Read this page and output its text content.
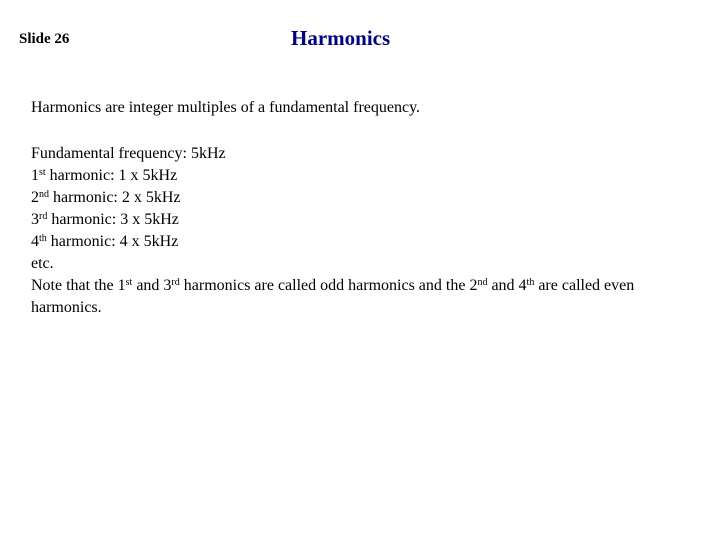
Slide 26	Harmonics
Harmonics are integer multiples of a fundamental frequency.
Fundamental frequency: 5kHz
1st harmonic: 1 x 5kHz
2nd harmonic: 2 x 5kHz
3rd harmonic: 3 x 5kHz
4th harmonic: 4 x 5kHz
etc.
Note that the 1st and 3rd harmonics are called odd harmonics and the 2nd and 4th are called even harmonics.
